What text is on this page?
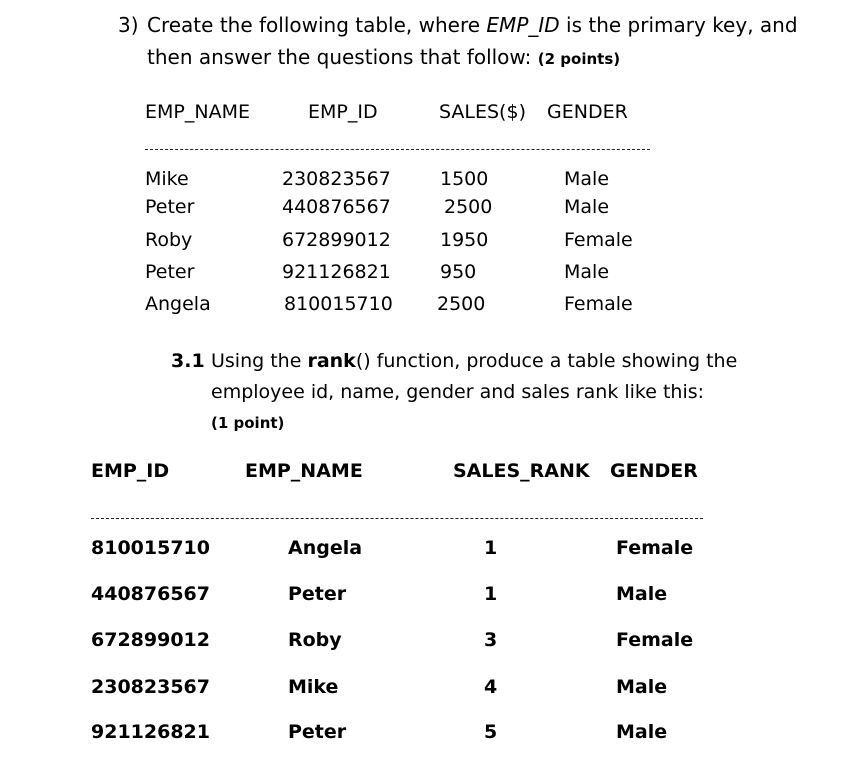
3) Create the following table, where EMP_ID is the primary key, and
then answer the questions that follow: (2 points)
EMP_NAME	EMP_ID	SALES($) GENDER
Mike	230823567	1500	Male
Peter	440876567	2500	Male
Roby	672899012	1950	Female
Peter	921126821	950	Male
Angela	810015710 2500	Female
3.1 Using the rank() function, produce a table showing the
employee id, name, gender and sales rank like this:
(1 point)
EMP_ID	EMP_NAME	SALES_RANK GENDER
810015710	Angela	1	Female
440876567	Peter	1	Male
672899012	Roby	3	Female
230823567	Mike	4	Male
921126821	Peter	5	Male
